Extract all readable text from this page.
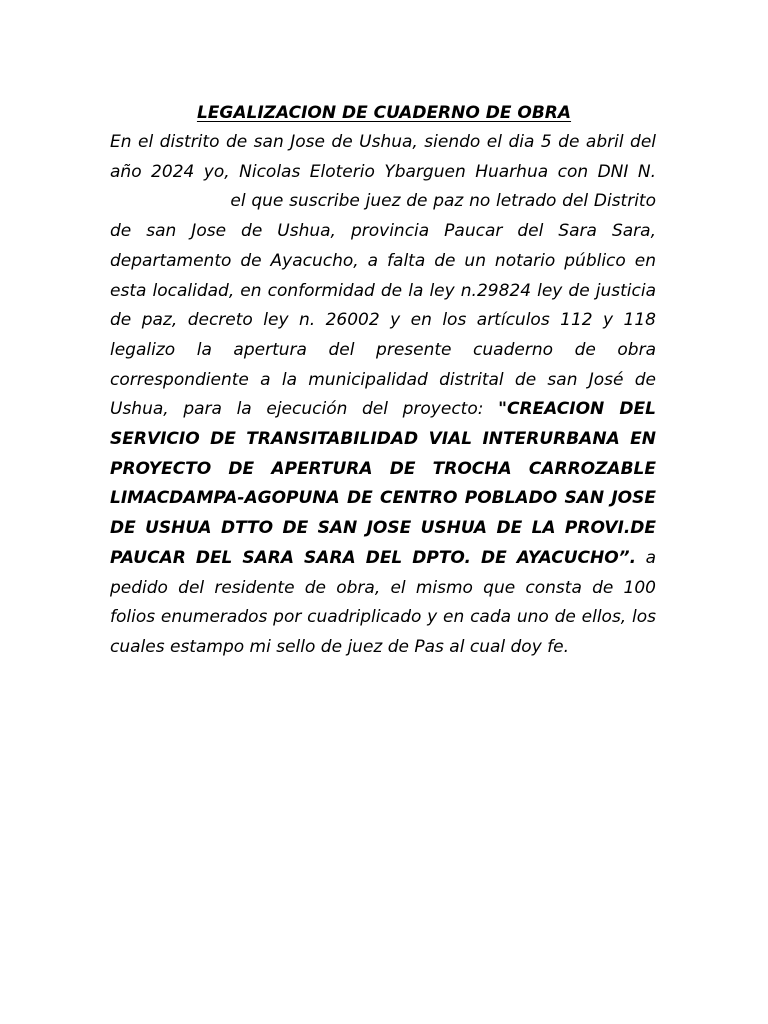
LEGALIZACION DE CUADERNO DE OBRA

En el distrito de san Jose de Ushua, siendo el dia 5 de abril del año 2024 yo, Nicolas Eloterio Ybarguen Huarhua con DNI N.                     el que suscribe juez de paz no letrado del Distrito de san Jose de Ushua, provincia Paucar del Sara Sara, departamento de Ayacucho, a falta de un notario público en esta localidad, en conformidad de la ley n.29824 ley de justicia de paz, decreto ley n. 26002 y en los artículos 112 y 118 legalizo la apertura del presente cuaderno de obra correspondiente a la municipalidad distrital de san José de Ushua, para la ejecución del proyecto: "CREACION DEL SERVICIO DE TRANSITABILIDAD VIAL INTERURBANA EN PROYECTO DE APERTURA DE TROCHA CARROZABLE LIMACDAMPA-AGOPUNA DE CENTRO POBLADO SAN JOSE DE USHUA DTTO DE SAN JOSE USHUA DE LA PROVI.DE PAUCAR DEL SARA SARA DEL DPTO. DE AYACUCHO”. a pedido del residente de obra, el mismo que consta de 100 folios enumerados por cuadriplicado y en cada uno de ellos, los cuales estampo mi sello de juez de Pas al cual doy fe.
